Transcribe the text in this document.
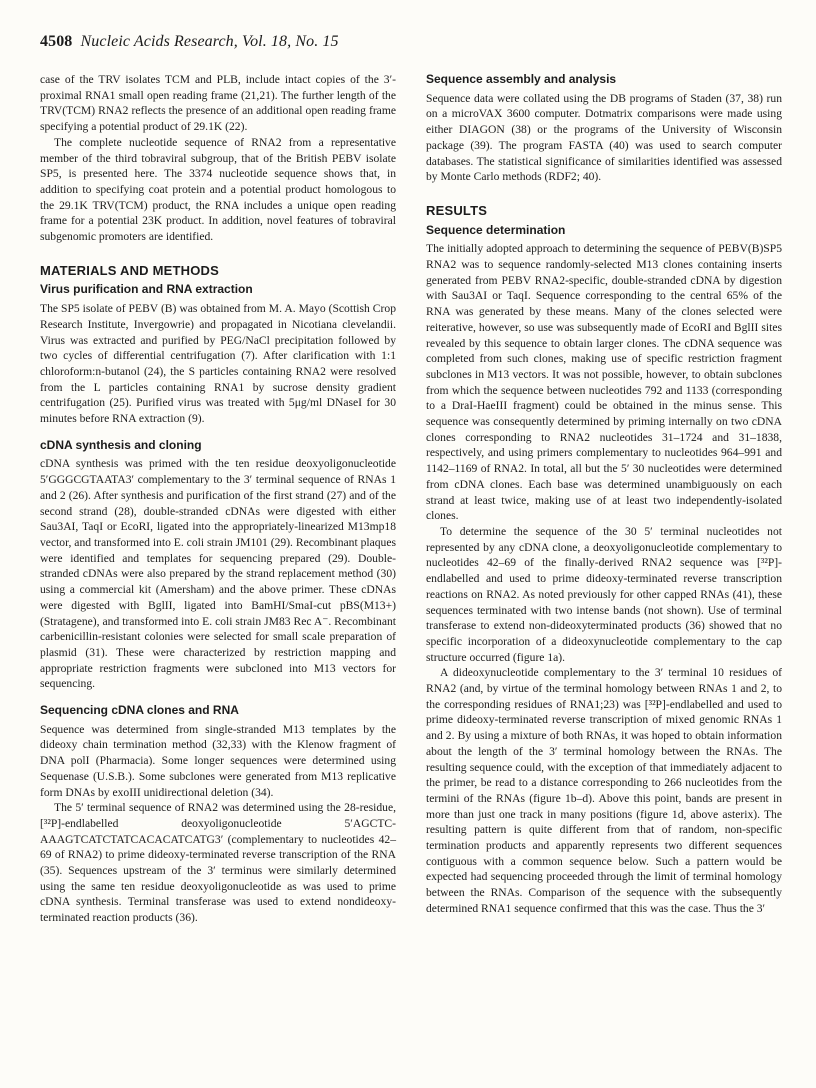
4508 Nucleic Acids Research, Vol. 18, No. 15

case of the TRV isolates TCM and PLB, include intact copies of the 3′-proximal RNA1 small open reading frame (21,21). The further length of the TRV(TCM) RNA2 reflects the presence of an additional open reading frame specifying a potential product of 29.1K (22).

The complete nucleotide sequence of RNA2 from a representative member of the third tobraviral subgroup, that of the British PEBV isolate SP5, is presented here. The 3374 nucleotide sequence shows that, in addition to specifying coat protein and a potential product homologous to the 29.1K TRV(TCM) product, the RNA includes a unique open reading frame for a potential 23K product. In addition, novel features of tobraviral subgenomic promoters are identified.

MATERIALS AND METHODS
Virus purification and RNA extraction

The SP5 isolate of PEBV (B) was obtained from M. A. Mayo (Scottish Crop Research Institute, Invergowrie) and propagated in Nicotiana clevelandii. Virus was extracted and purified by PEG/NaCl precipitation followed by two cycles of differential centrifugation (7). After clarification with 1:1 chloroform:n-butanol (24), the S particles containing RNA2 were resolved from the L particles containing RNA1 by sucrose density gradient centrifugation (25). Purified virus was treated with 5μg/ml DNaseI for 30 minutes before RNA extraction (9).

cDNA synthesis and cloning

cDNA synthesis was primed with the ten residue deoxyoligonucleotide 5′GGGCGTAATA3′ complementary to the 3′ terminal sequence of RNAs 1 and 2 (26). After synthesis and purification of the first strand (27) and of the second strand (28), double-stranded cDNAs were digested with either Sau3AI, TaqI or EcoRI, ligated into the appropriately-linearized M13mp18 vector, and transformed into E. coli strain JM101 (29). Recombinant plaques were identified and templates for sequencing prepared (29). Double-stranded cDNAs were also prepared by the strand replacement method (30) using a commercial kit (Amersham) and the above primer. These cDNAs were digested with BglII, ligated into BamHI/SmaI-cut pBS(M13+)(Stratagene), and transformed into E. coli strain JM83 Rec A⁻. Recombinant carbenicillin-resistant colonies were selected for small scale preparation of plasmid (31). These were characterized by restriction mapping and appropriate restriction fragments were subcloned into M13 vectors for sequencing.

Sequencing cDNA clones and RNA

Sequence was determined from single-stranded M13 templates by the dideoxy chain termination method (32,33) with the Klenow fragment of DNA polI (Pharmacia). Some longer sequences were determined using Sequenase (U.S.B.). Some subclones were generated from M13 replicative form DNAs by exoIII unidirectional deletion (34).

The 5′ terminal sequence of RNA2 was determined using the 28-residue, [³²P]-endlabelled deoxyoligonucleotide 5′AGCTC-AAAGTCATCTATCACACATCATG3′ (complementary to nucleotides 42–69 of RNA2) to prime dideoxy-terminated reverse transcription of the RNA (35). Sequences upstream of the 3′ terminus were similarly determined using the same ten residue deoxyoligonucleotide as was used to prime cDNA synthesis. Terminal transferase was used to extend nondideoxy-terminated reaction products (36).

Sequence assembly and analysis

Sequence data were collated using the DB programs of Staden (37, 38) run on a microVAX 3600 computer. Dotmatrix comparisons were made using either DIAGON (38) or the programs of the University of Wisconsin package (39). The program FASTA (40) was used to search computer databases. The statistical significance of similarities identified was assessed by Monte Carlo methods (RDF2; 40).

RESULTS
Sequence determination

The initially adopted approach to determining the sequence of PEBV(B)SP5 RNA2 was to sequence randomly-selected M13 clones containing inserts generated from PEBV RNA2-specific, double-stranded cDNA by digestion with Sau3AI or TaqI. Sequence corresponding to the central 65% of the RNA was generated by these means. Many of the clones selected were reiterative, however, so use was subsequently made of EcoRI and BglII sites revealed by this sequence to obtain larger clones. The cDNA sequence was completed from such clones, making use of specific restriction fragment subclones in M13 vectors. It was not possible, however, to obtain subclones from which the sequence between nucleotides 792 and 1133 (corresponding to a DraI-HaeIII fragment) could be obtained in the minus sense. This sequence was consequently determined by priming internally on two cDNA clones corresponding to RNA2 nucleotides 31–1724 and 31–1838, respectively, and using primers complementary to nucleotides 964–991 and 1142–1169 of RNA2. In total, all but the 5′ 30 nucleotides were determined from cDNA clones. Each base was determined unambiguously on each strand at least twice, making use of at least two independently-isolated clones.

To determine the sequence of the 30 5′ terminal nucleotides not represented by any cDNA clone, a deoxyoligonucleotide complementary to nucleotides 42–69 of the finally-derived RNA2 sequence was [³²P]-endlabelled and used to prime dideoxy-terminated reverse transcription reactions on RNA2. As noted previously for other capped RNAs (41), these sequences terminated with two intense bands (not shown). Use of terminal transferase to extend non-dideoxyterminated products (36) showed that no specific incorporation of a dideoxynucleotide complementary to the cap structure occurred (figure 1a).

A dideoxynucleotide complementary to the 3′ terminal 10 residues of RNA2 (and, by virtue of the terminal homology between RNAs 1 and 2, to the corresponding residues of RNA1;23) was [³²P]-endlabelled and used to prime dideoxy-terminated reverse transcription of mixed genomic RNAs 1 and 2. By using a mixture of both RNAs, it was hoped to obtain information about the length of the 3′ terminal homology between the RNAs. The resulting sequence could, with the exception of that immediately adjacent to the primer, be read to a distance corresponding to 266 nucleotides from the termini of the RNAs (figure 1b–d). Above this point, bands are present in more than just one track in many positions (figure 1d, above asterix). The resulting pattern is quite different from that of random, non-specific termination products and apparently represents two different sequences contiguous with a common sequence below. Such a pattern would be expected had sequencing proceeded through the limit of terminal homology between the RNAs. Comparison of the sequence with the subsequently determined RNA1 sequence confirmed that this was the case. Thus the 3′
